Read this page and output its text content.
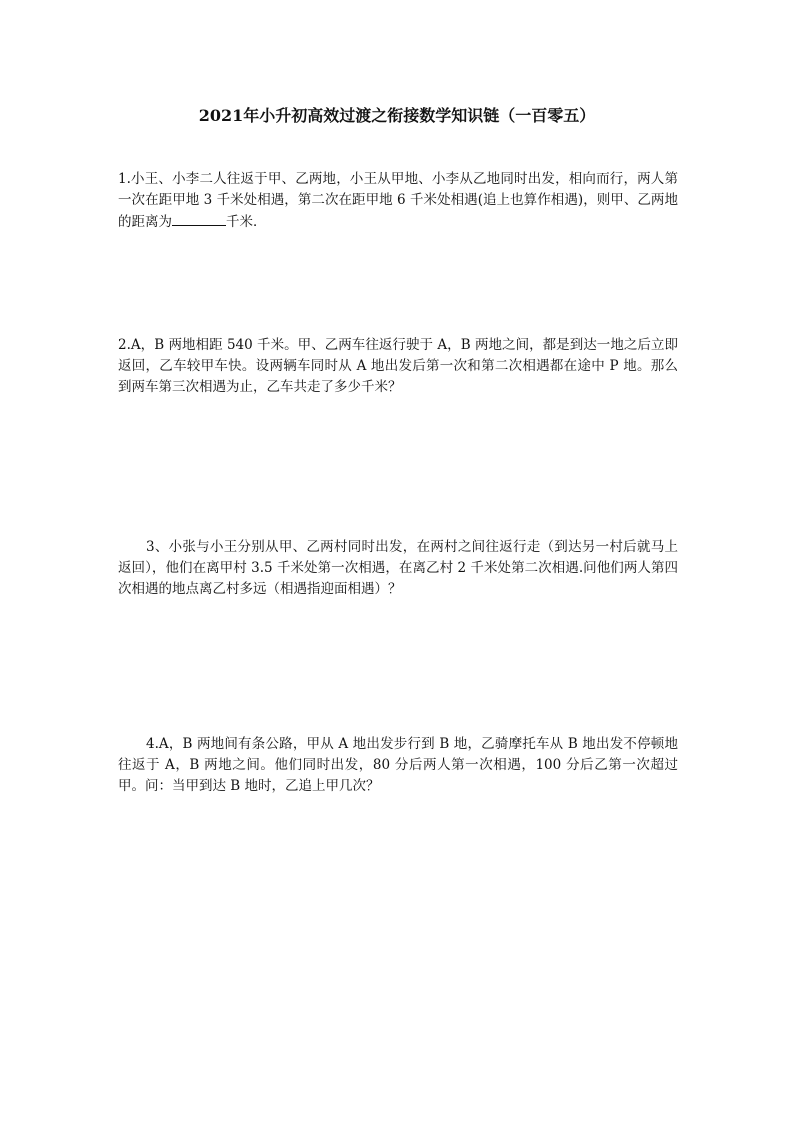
2021年小升初高效过渡之衔接数学知识链（一百零五）

1.小王、小李二人往返于甲、乙两地，小王从甲地、小李从乙地同时出发，相向而行，两人第一次在距甲地 3 千米处相遇，第二次在距甲地 6 千米处相遇(追上也算作相遇)，则甲、乙两地的距离为	千米．

2.A，B 两地相距 540 千米。甲、乙两车往返行驶于 A，B 两地之间，都是到达一地之后立即返回，乙车较甲车快。设两辆车同时从 A 地出发后第一次和第二次相遇都在途中 P 地。那么到两车第三次相遇为止，乙车共走了多少千米？

3、小张与小王分别从甲、乙两村同时出发，在两村之间往返行走（到达另一村后就马上返回），他们在离甲村 3.5 千米处第一次相遇，在离乙村 2 千米处第二次相遇.问他们两人第四次相遇的地点离乙村多远（相遇指迎面相遇）？

4.A，B 两地间有条公路，甲从 A 地出发步行到 B 地，乙骑摩托车从 B 地出发不停顿地往返于 A，B 两地之间。他们同时出发，80 分后两人第一次相遇，100 分后乙第一次超过甲。问：当甲到达 B 地时，乙追上甲几次？
